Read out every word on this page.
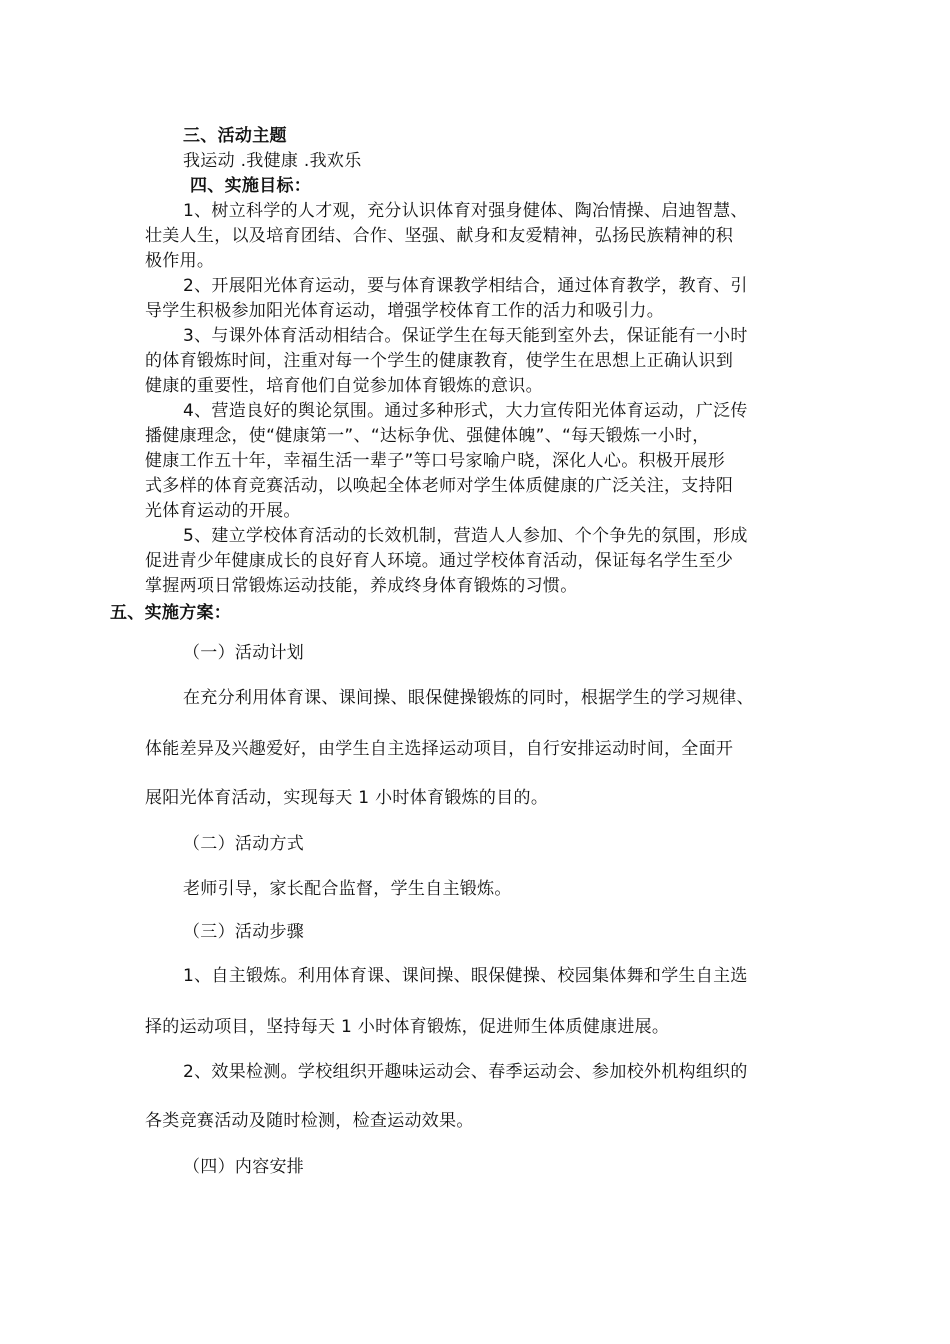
三、活动主题
我运动 .我健康 .我欢乐
四、实施目标：
1、树立科学的人才观，充分认识体育对强身健体、陶冶情操、启迪智慧、
壮美人生，以及培育团结、合作、坚强、献身和友爱精神，弘扬民族精神的积
极作用。
2、开展阳光体育运动，要与体育课教学相结合，通过体育教学，教育、引
导学生积极参加阳光体育运动，增强学校体育工作的活力和吸引力。
3、与课外体育活动相结合。保证学生在每天能到室外去，保证能有一小时
的体育锻炼时间，注重对每一个学生的健康教育，使学生在思想上正确认识到
健康的重要性，培育他们自觉参加体育锻炼的意识。
4、营造良好的舆论氛围。通过多种形式，大力宣传阳光体育运动，广泛传
播健康理念，使“健康第一”、“达标争优、强健体魄”、“每天锻炼一小时，
健康工作五十年，幸福生活一辈子”等口号家喻户晓，深化人心。积极开展形
式多样的体育竞赛活动，以唤起全体老师对学生体质健康的广泛关注，支持阳
光体育运动的开展。
5、建立学校体育活动的长效机制，营造人人参加、个个争先的氛围，形成
促进青少年健康成长的良好育人环境。通过学校体育活动，保证每名学生至少
掌握两项日常锻炼运动技能，养成终身体育锻炼的习惯。
五、实施方案：
（一）活动计划
在充分利用体育课、课间操、眼保健操锻炼的同时，根据学生的学习规律、
体能差异及兴趣爱好，由学生自主选择运动项目，自行安排运动时间，全面开
展阳光体育活动，实现每天 1 小时体育锻炼的目的。
（二）活动方式
老师引导，家长配合监督，学生自主锻炼。
（三）活动步骤
1、自主锻炼。利用体育课、课间操、眼保健操、校园集体舞和学生自主选
择的运动项目，坚持每天 1 小时体育锻炼，促进师生体质健康进展。
2、效果检测。学校组织开趣味运动会、春季运动会、参加校外机构组织的
各类竞赛活动及随时检测，检查运动效果。
（四）内容安排
